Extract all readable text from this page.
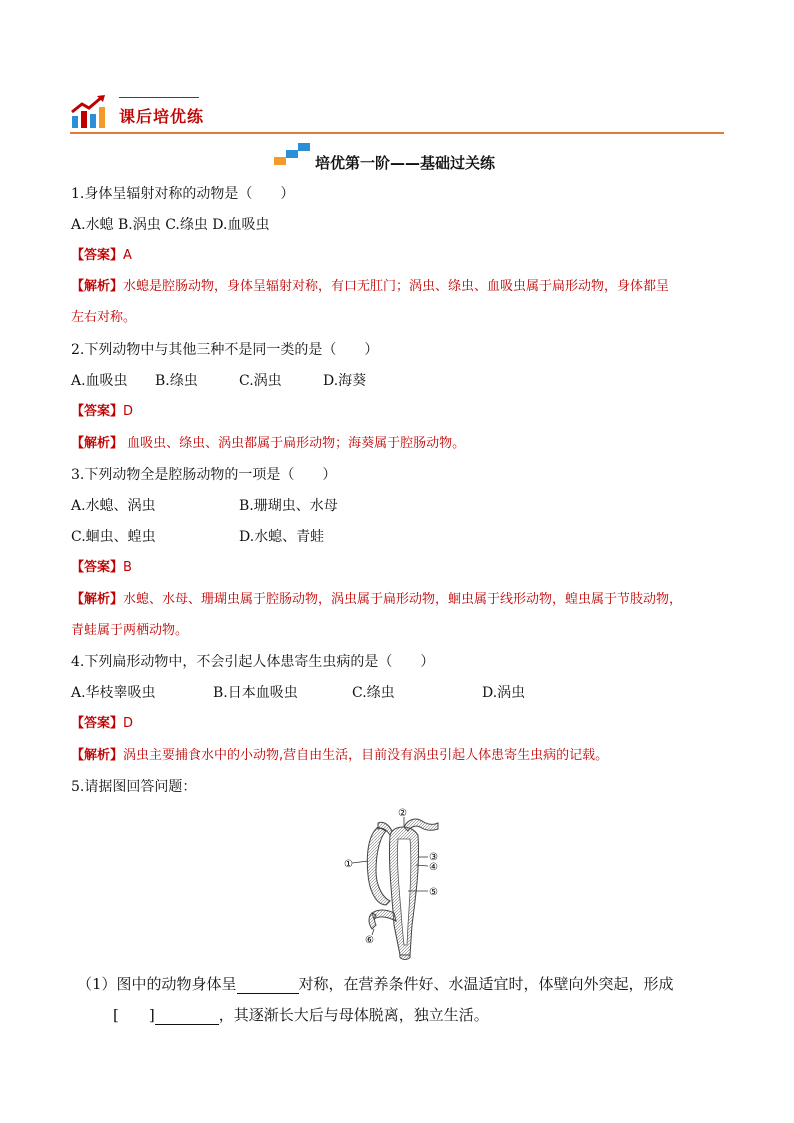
课后培优练
培优第一阶——基础过关练
1.身体呈辐射对称的动物是（　　）
A.水螅 B.涡虫 C.绦虫 D.血吸虫
【答案】A
【解析】水螅是腔肠动物，身体呈辐射对称，有口无肛门；涡虫、绦虫、血吸虫属于扁形动物，身体都呈
左右对称。
2.下列动物中与其他三种不是同一类的是（　　）
A.血吸虫 B.绦虫	C.涡虫	D.海葵
【答案】D
【解析】 血吸虫、绦虫、涡虫都属于扁形动物；海葵属于腔肠动物。
3.下列动物全是腔肠动物的一项是（　　）
A.水螅、涡虫	B.珊瑚虫、水母
C.蛔虫、蝗虫	D.水螅、青蛙
【答案】B
【解析】水螅、水母、珊瑚虫属于腔肠动物，涡虫属于扁形动物，蛔虫属于线形动物，蝗虫属于节肢动物，
青蛙属于两栖动物。
4.下列扁形动物中，不会引起人体患寄生虫病的是（　　）
A.华枝睾吸虫	B.日本血吸虫	C.绦虫	D.涡虫
【答案】D
【解析】涡虫主要捕食水中的小动物,营自由生活，目前没有涡虫引起人体患寄生虫病的记载。
5.请据图回答问题：
①
②
③
④
⑤
⑥
（1）图中的动物身体呈	对称，在营养条件好、水温适宜时，体壁向外突起，形成
[　　]	，其逐渐长大后与母体脱离，独立生活。
